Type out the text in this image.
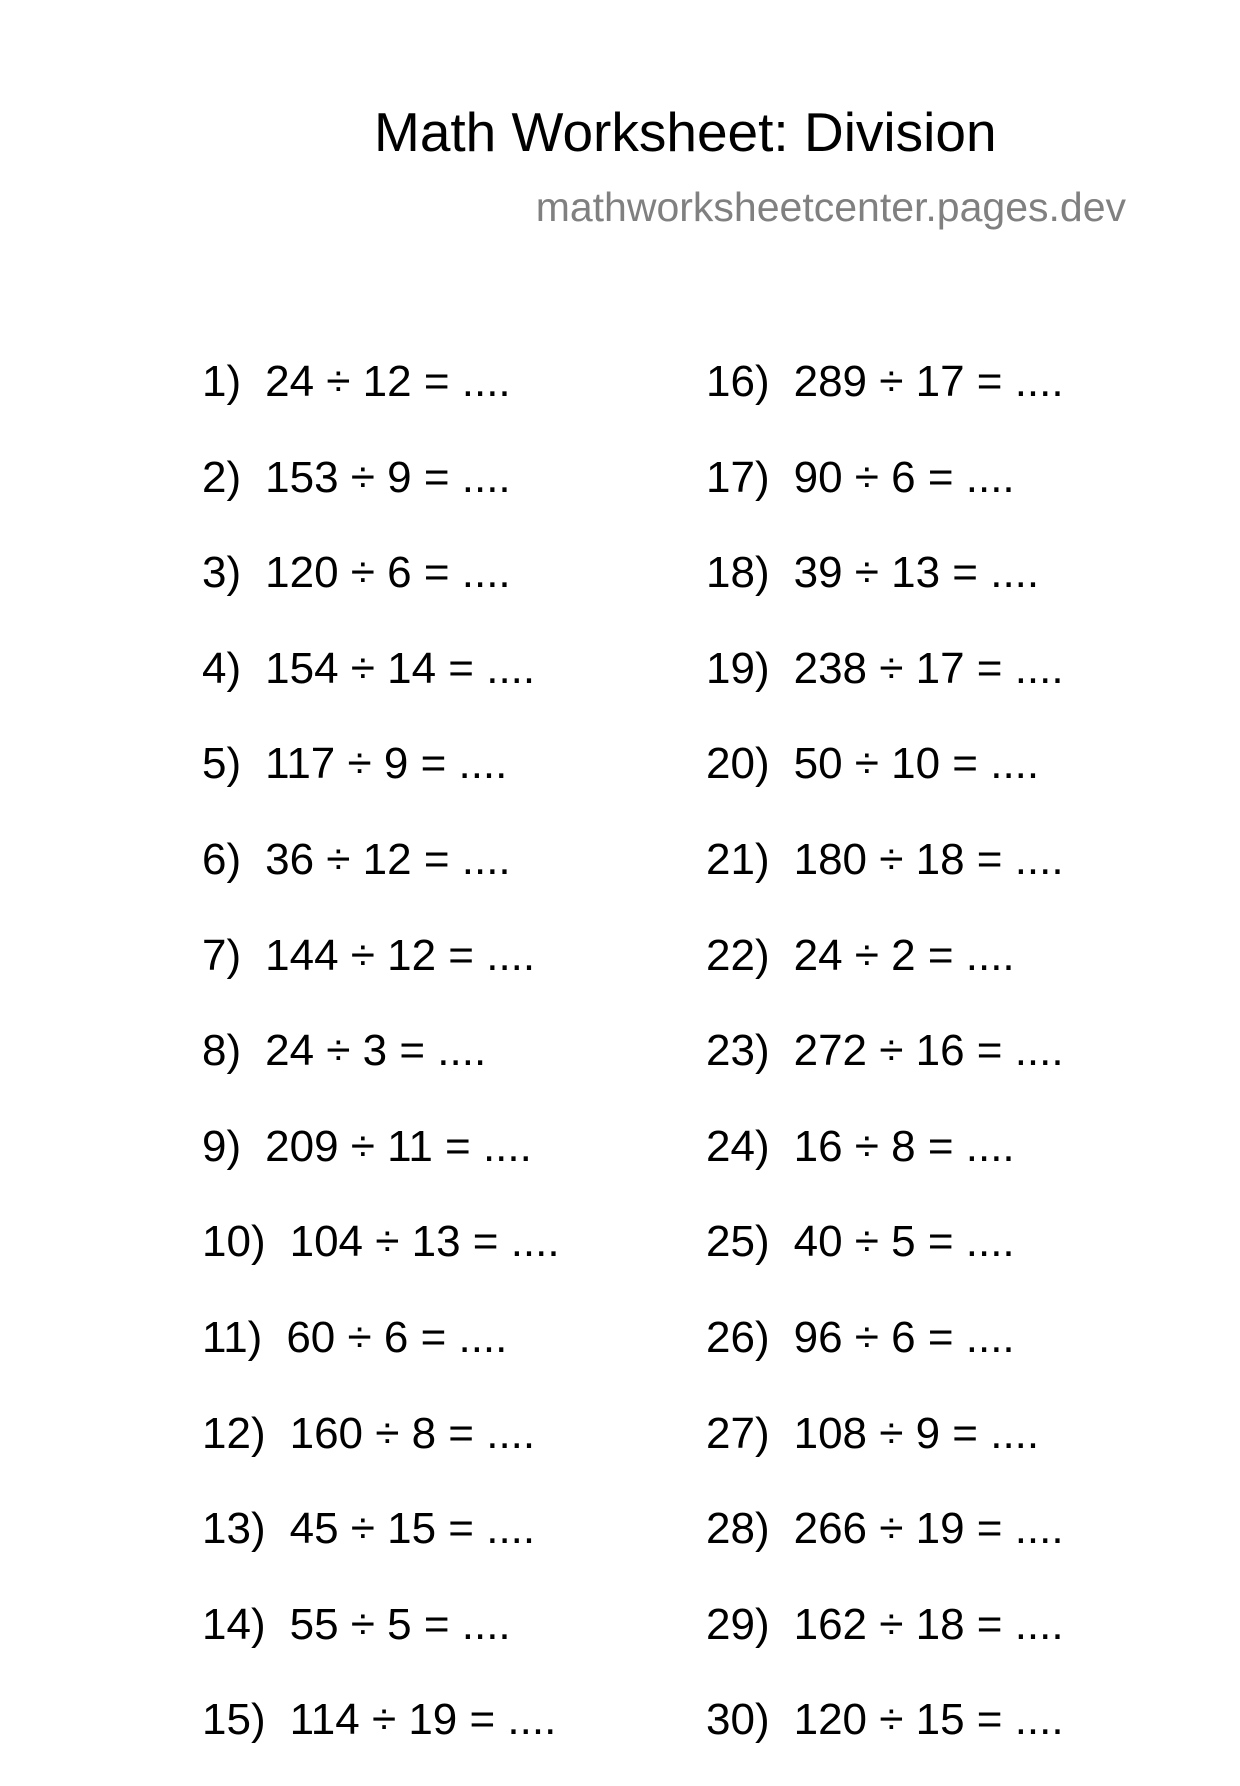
Math Worksheet: Division
mathworksheetcenter.pages.dev
1) 24 ÷ 12 = ....
2) 153 ÷ 9 = ....
3) 120 ÷ 6 = ....
4) 154 ÷ 14 = ....
5) 117 ÷ 9 = ....
6) 36 ÷ 12 = ....
7) 144 ÷ 12 = ....
8) 24 ÷ 3 = ....
9) 209 ÷ 11 = ....
10) 104 ÷ 13 = ....
11) 60 ÷ 6 = ....
12) 160 ÷ 8 = ....
13) 45 ÷ 15 = ....
14) 55 ÷ 5 = ....
15) 114 ÷ 19 = ....
16) 289 ÷ 17 = ....
17) 90 ÷ 6 = ....
18) 39 ÷ 13 = ....
19) 238 ÷ 17 = ....
20) 50 ÷ 10 = ....
21) 180 ÷ 18 = ....
22) 24 ÷ 2 = ....
23) 272 ÷ 16 = ....
24) 16 ÷ 8 = ....
25) 40 ÷ 5 = ....
26) 96 ÷ 6 = ....
27) 108 ÷ 9 = ....
28) 266 ÷ 19 = ....
29) 162 ÷ 18 = ....
30) 120 ÷ 15 = ....
